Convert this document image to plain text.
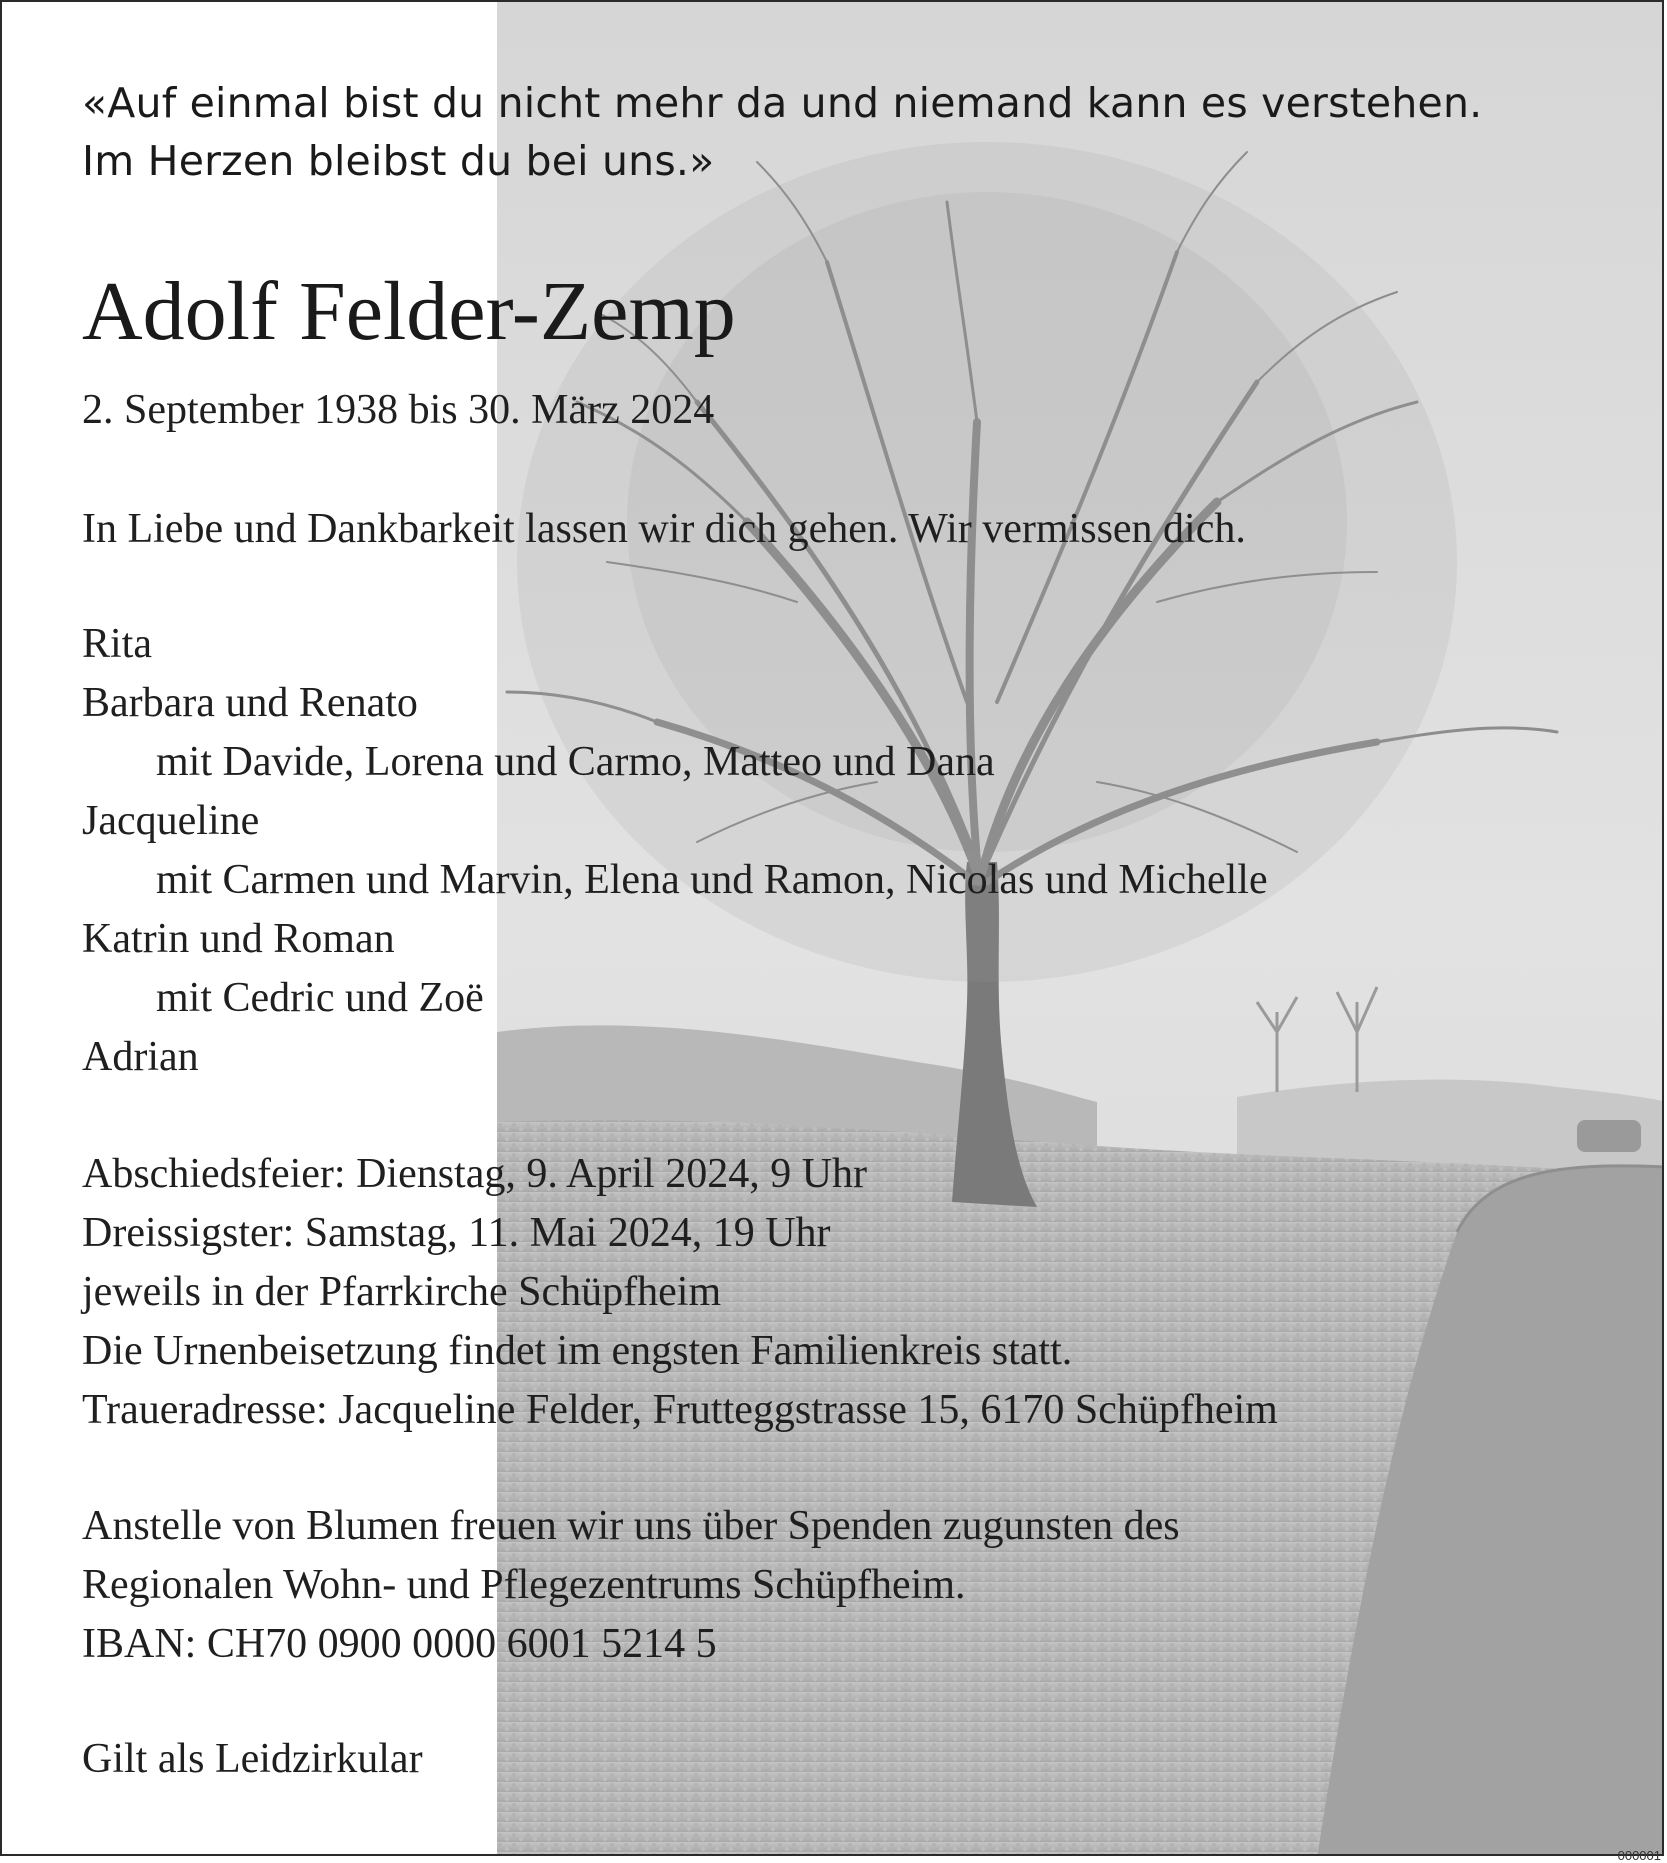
«Auf einmal bist du nicht mehr da und niemand kann es verstehen.
Im Herzen bleibst du bei uns.»
Adolf Felder-Zemp
2. September 1938 bis 30. März 2024
In Liebe und Dankbarkeit lassen wir dich gehen. Wir vermissen dich.
Rita
Barbara und Renato
mit Davide, Lorena und Carmo, Matteo und Dana
Jacqueline
mit Carmen und Marvin, Elena und Ramon, Nicolas und Michelle
Katrin und Roman
mit Cedric und Zoë
Adrian
Abschiedsfeier: Dienstag, 9. April 2024, 9 Uhr
Dreissigster: Samstag, 11. Mai 2024, 19 Uhr
jeweils in der Pfarrkirche Schüpfheim
Die Urnenbeisetzung findet im engsten Familienkreis statt.
Traueradresse: Jacqueline Felder, Frutteggstrasse 15, 6170 Schüpfheim
Anstelle von Blumen freuen wir uns über Spenden zugunsten des
Regionalen Wohn- und Pflegezentrums Schüpfheim.
IBAN: CH70 0900 0000 6001 5214 5
Gilt als Leidzirkular
000001
